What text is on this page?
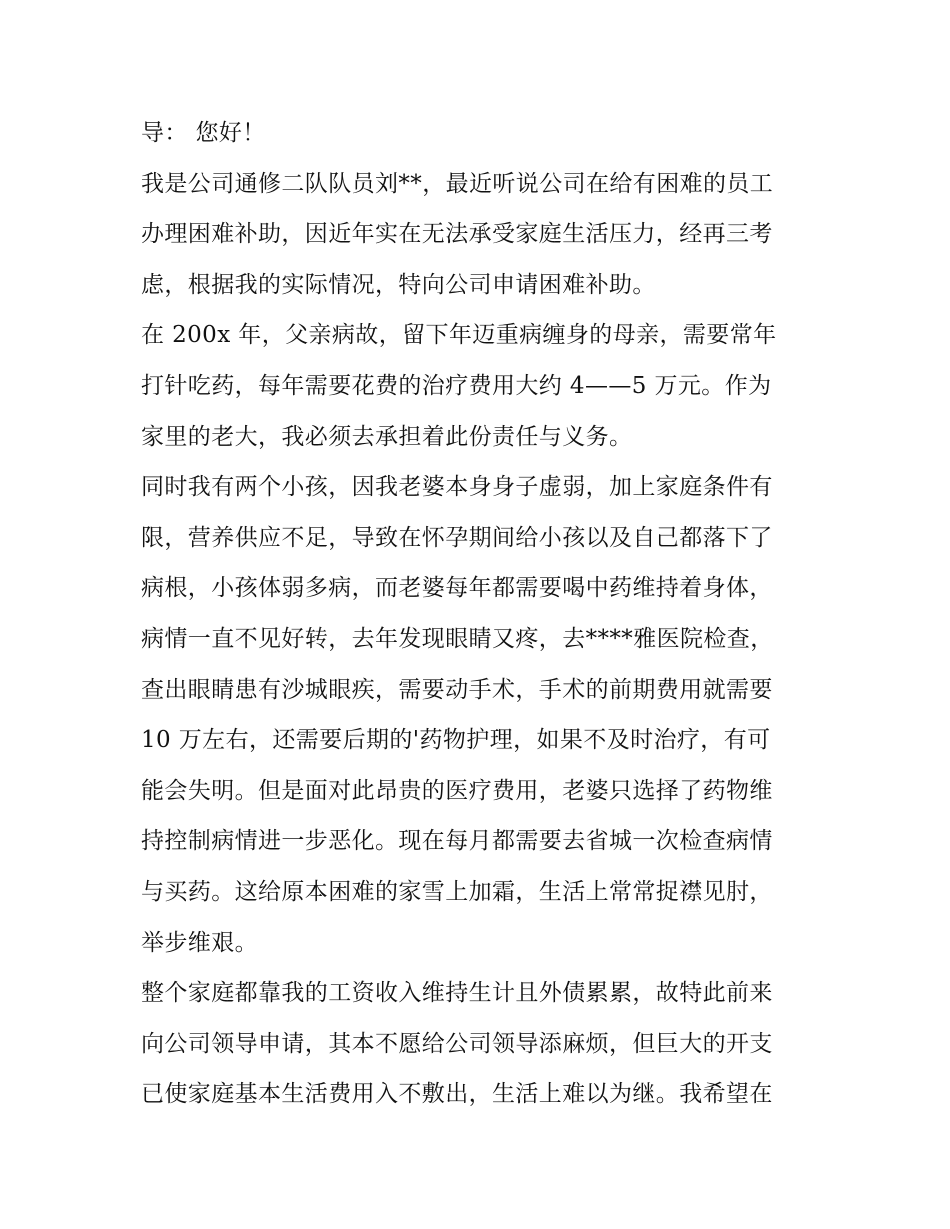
导： 您好！
我是公司通修二队队员刘**，最近听说公司在给有困难的员工
办理困难补助，因近年实在无法承受家庭生活压力，经再三考
虑，根据我的实际情况，特向公司申请困难补助。
在 200x 年，父亲病故，留下年迈重病缠身的母亲，需要常年
打针吃药，每年需要花费的治疗费用大约 4——5 万元。作为
家里的老大，我必须去承担着此份责任与义务。
同时我有两个小孩，因我老婆本身身子虚弱，加上家庭条件有
限，营养供应不足，导致在怀孕期间给小孩以及自己都落下了
病根，小孩体弱多病，而老婆每年都需要喝中药维持着身体，
病情一直不见好转，去年发现眼睛又疼，去****雅医院检查，
查出眼睛患有沙城眼疾，需要动手术，手术的前期费用就需要
10 万左右，还需要后期的'药物护理，如果不及时治疗，有可
能会失明。但是面对此昂贵的医疗费用，老婆只选择了药物维
持控制病情进一步恶化。现在每月都需要去省城一次检查病情
与买药。这给原本困难的家雪上加霜，生活上常常捉襟见肘，
举步维艰。
整个家庭都靠我的工资收入维持生计且外债累累，故特此前来
向公司领导申请，其本不愿给公司领导添麻烦，但巨大的开支
已使家庭基本生活费用入不敷出，生活上难以为继。我希望在
